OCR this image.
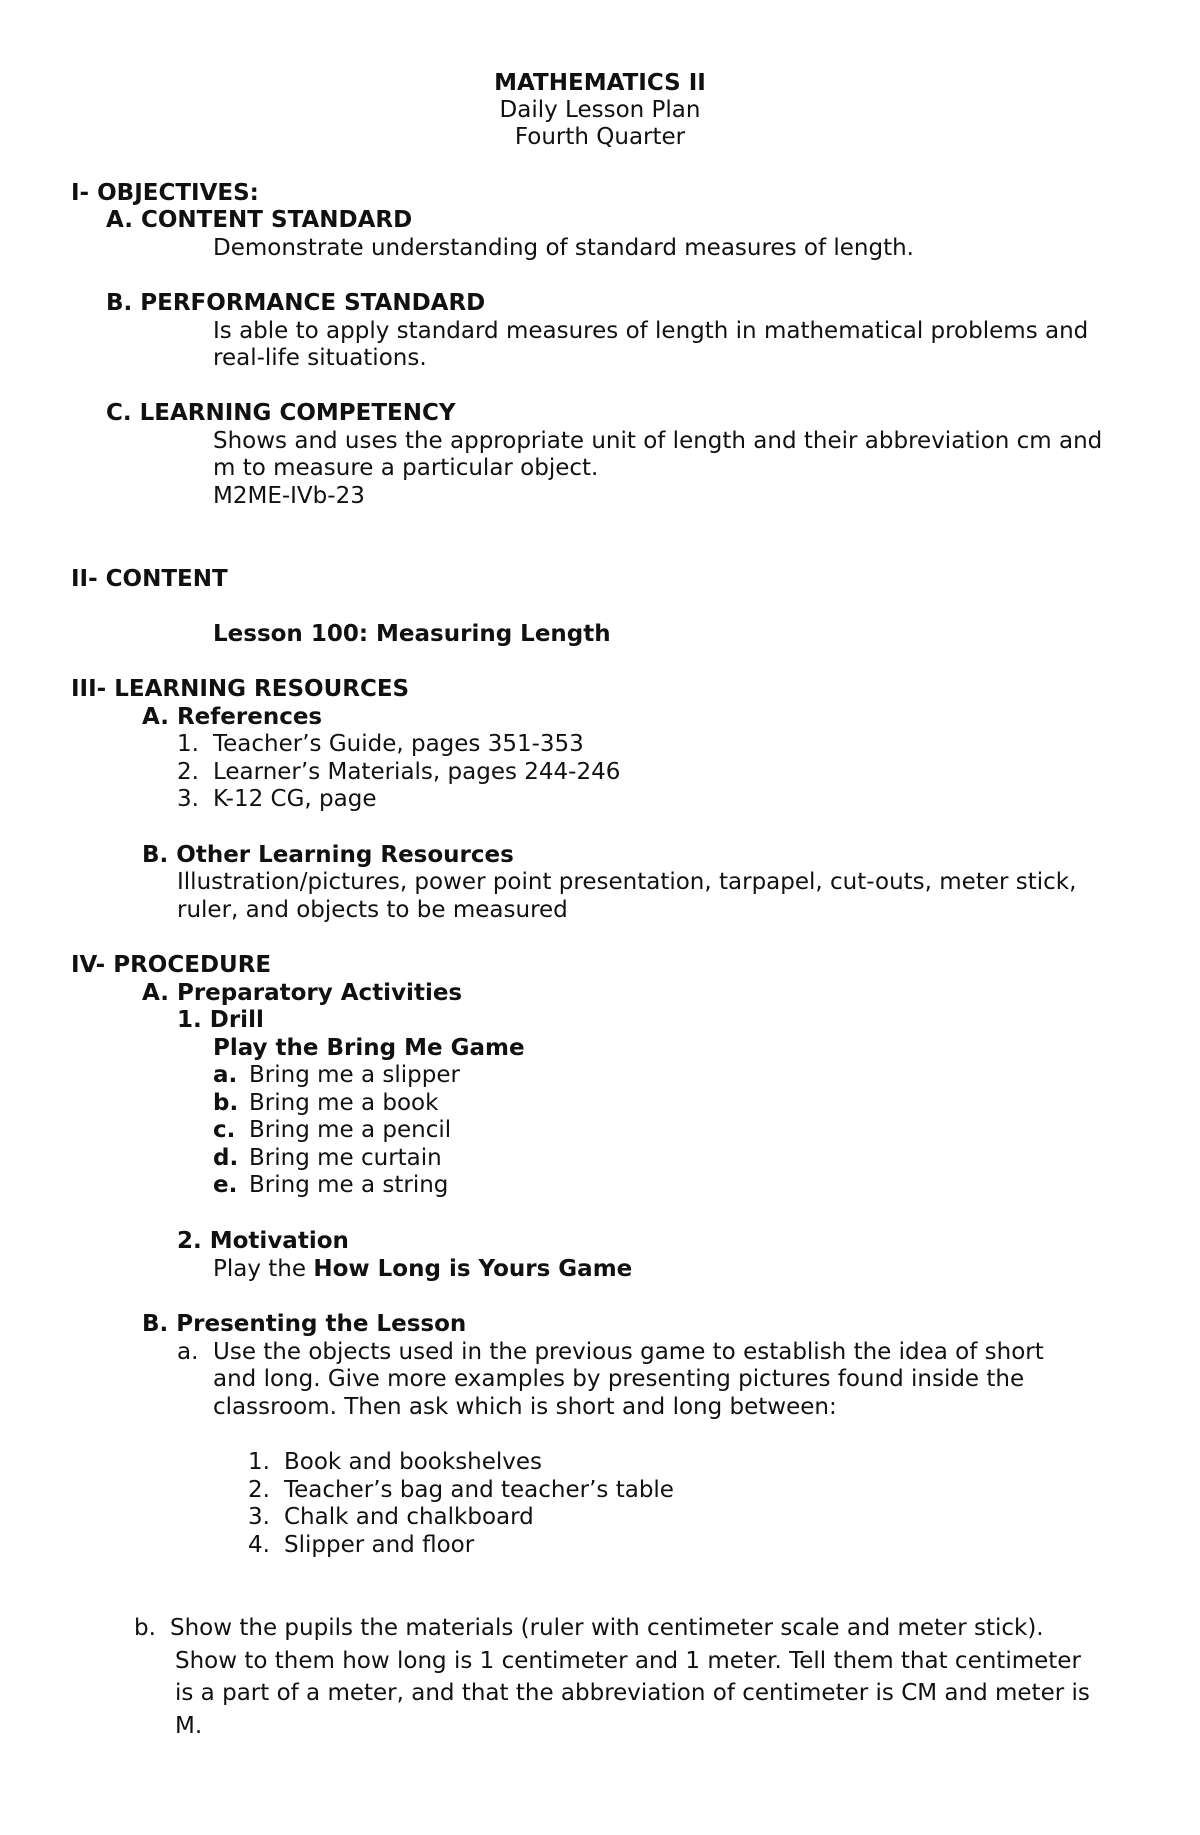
MATHEMATICS II
Daily Lesson Plan
Fourth Quarter
I- OBJECTIVES:
A. CONTENT STANDARD
Demonstrate understanding of standard measures of length.
B. PERFORMANCE STANDARD
Is able to apply standard measures of length in mathematical problems and
real-life situations.
C. LEARNING COMPETENCY
Shows and uses the appropriate unit of length and their abbreviation cm and
m to measure a particular object.
M2ME-IVb-23
II- CONTENT
Lesson 100: Measuring Length
III- LEARNING RESOURCES
A. References
1. Teacher’s Guide, pages 351-353
2. Learner’s Materials, pages 244-246
3. K-12 CG, page
B. Other Learning Resources
Illustration/pictures, power point presentation, tarpapel, cut-outs, meter stick,
ruler, and objects to be measured
IV- PROCEDURE
A. Preparatory Activities
1. Drill
Play the Bring Me Game
a. Bring me a slipper
b. Bring me a book
c. Bring me a pencil
d. Bring me curtain
e. Bring me a string
2. Motivation
Play the How Long is Yours Game
B. Presenting the Lesson
a. Use the objects used in the previous game to establish the idea of short
and long. Give more examples by presenting pictures found inside the
classroom. Then ask which is short and long between:
1. Book and bookshelves
2. Teacher’s bag and teacher’s table
3. Chalk and chalkboard
4. Slipper and floor
b. Show the pupils the materials (ruler with centimeter scale and meter stick).
Show to them how long is 1 centimeter and 1 meter. Tell them that centimeter
is a part of a meter, and that the abbreviation of centimeter is CM and meter is
M.
